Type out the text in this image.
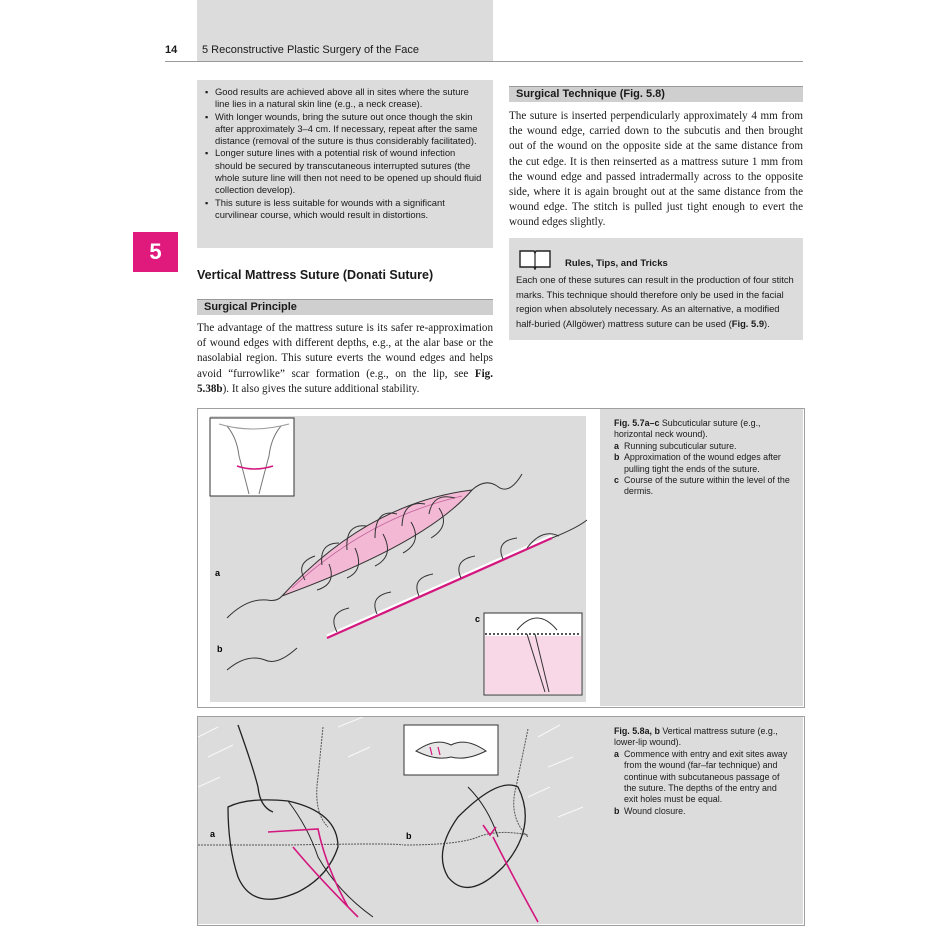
14 5 Reconstructive Plastic Surgery of the Face
▪ Good results are achieved above all in sites where the suture line lies in a natural skin line (e.g., a neck crease).
▪ With longer wounds, bring the suture out once though the skin after approximately 3–4 cm. If necessary, repeat after the same distance (removal of the suture is thus considerably facilitated).
▪ Longer suture lines with a potential risk of wound infection should be secured by transcutaneous interrupted sutures (the whole suture line will then not need to be opened up should fluid collection develop).
▪ This suture is less suitable for wounds with a significant curvilinear course, which would result in distortions.
5
Vertical Mattress Suture (Donati Suture)
Surgical Principle
The advantage of the mattress suture is its safer re-approximation of wound edges with different depths, e.g., at the alar base or the nasolabial region. This suture everts the wound edges and helps avoid “furrowlike” scar formation (e.g., on the lip, see Fig. 5.38b). It also gives the suture additional stability.
Surgical Technique (Fig. 5.8)
The suture is inserted perpendicularly approximately 4 mm from the wound edge, carried down to the subcutis and then brought out of the wound on the opposite side at the same distance from the cut edge. It is then reinserted as a mattress suture 1 mm from the wound edge and passed intradermally across to the opposite side, where it is again brought out at the same distance from the wound edge. The stitch is pulled just tight enough to evert the wound edges slightly.
Rules, Tips, and Tricks
Each one of these sutures can result in the production of four stitch marks. This technique should therefore only be used in the facial region when absolutely necessary. As an alternative, a modified half-buried (Allgöwer) mattress suture can be used (Fig. 5.9).
a
b
c
Fig. 5.7a–c Subcuticular suture (e.g., horizontal neck wound).
a Running subcuticular suture.
b Approximation of the wound edges after pulling tight the ends of the suture.
c Course of the suture within the level of the dermis.
a	b
Fig. 5.8a, b Vertical mattress suture (e.g., lower-lip wound).
a Commence with entry and exit sites away from the wound (far–far technique) and continue with subcutaneous passage of the suture. The depths of the entry and exit holes must be equal.
b Wound closure.
